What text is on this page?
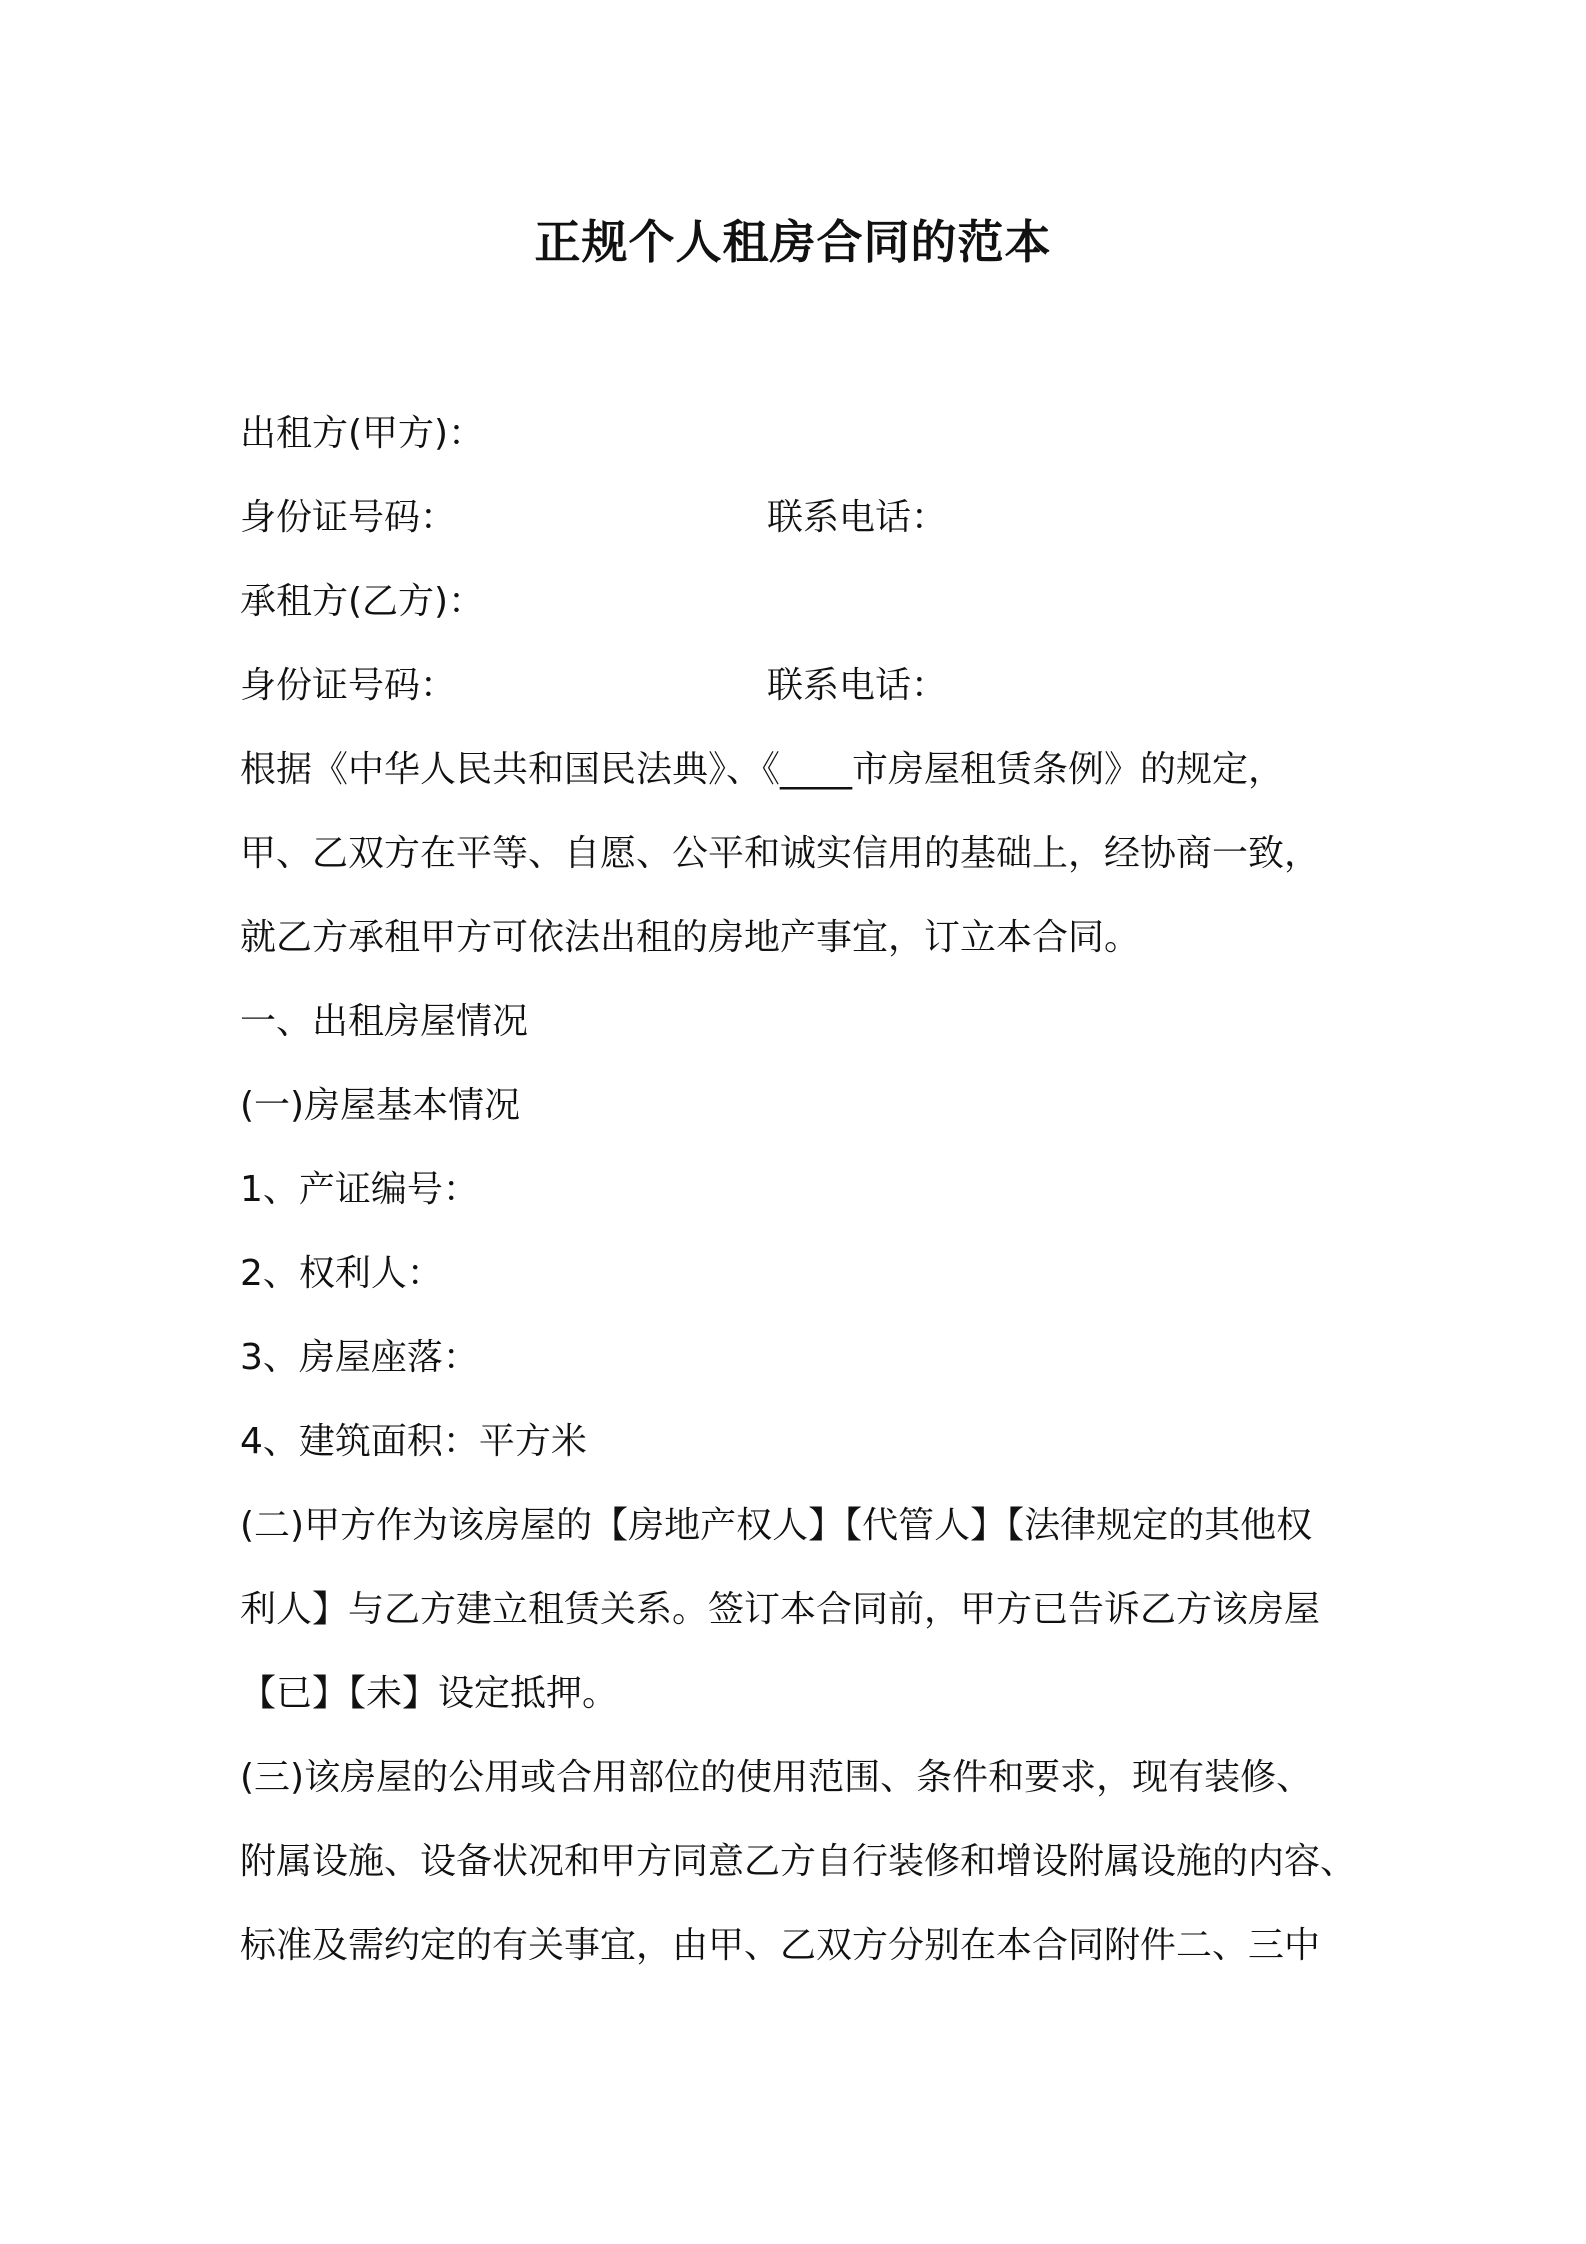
正规个人租房合同的范本
出租方(甲方)：
身份证号码：	联系电话：
承租方(乙方)：
身份证号码：	联系电话：
根据《中华人民共和国民法典》、《____市房屋租赁条例》的规定，
甲、乙双方在平等、自愿、公平和诚实信用的基础上，经协商一致，
就乙方承租甲方可依法出租的房地产事宜，订立本合同。
一、出租房屋情况
(一)房屋基本情况
1、产证编号：
2、权利人：
3、房屋座落：
4、建筑面积：平方米
(二)甲方作为该房屋的【房地产权人】【代管人】【法律规定的其他权
利人】与乙方建立租赁关系。签订本合同前，甲方已告诉乙方该房屋
【已】【未】设定抵押。
(三)该房屋的公用或合用部位的使用范围、条件和要求，现有装修、
附属设施、设备状况和甲方同意乙方自行装修和增设附属设施的内容、
标准及需约定的有关事宜，由甲、乙双方分别在本合同附件二、三中
